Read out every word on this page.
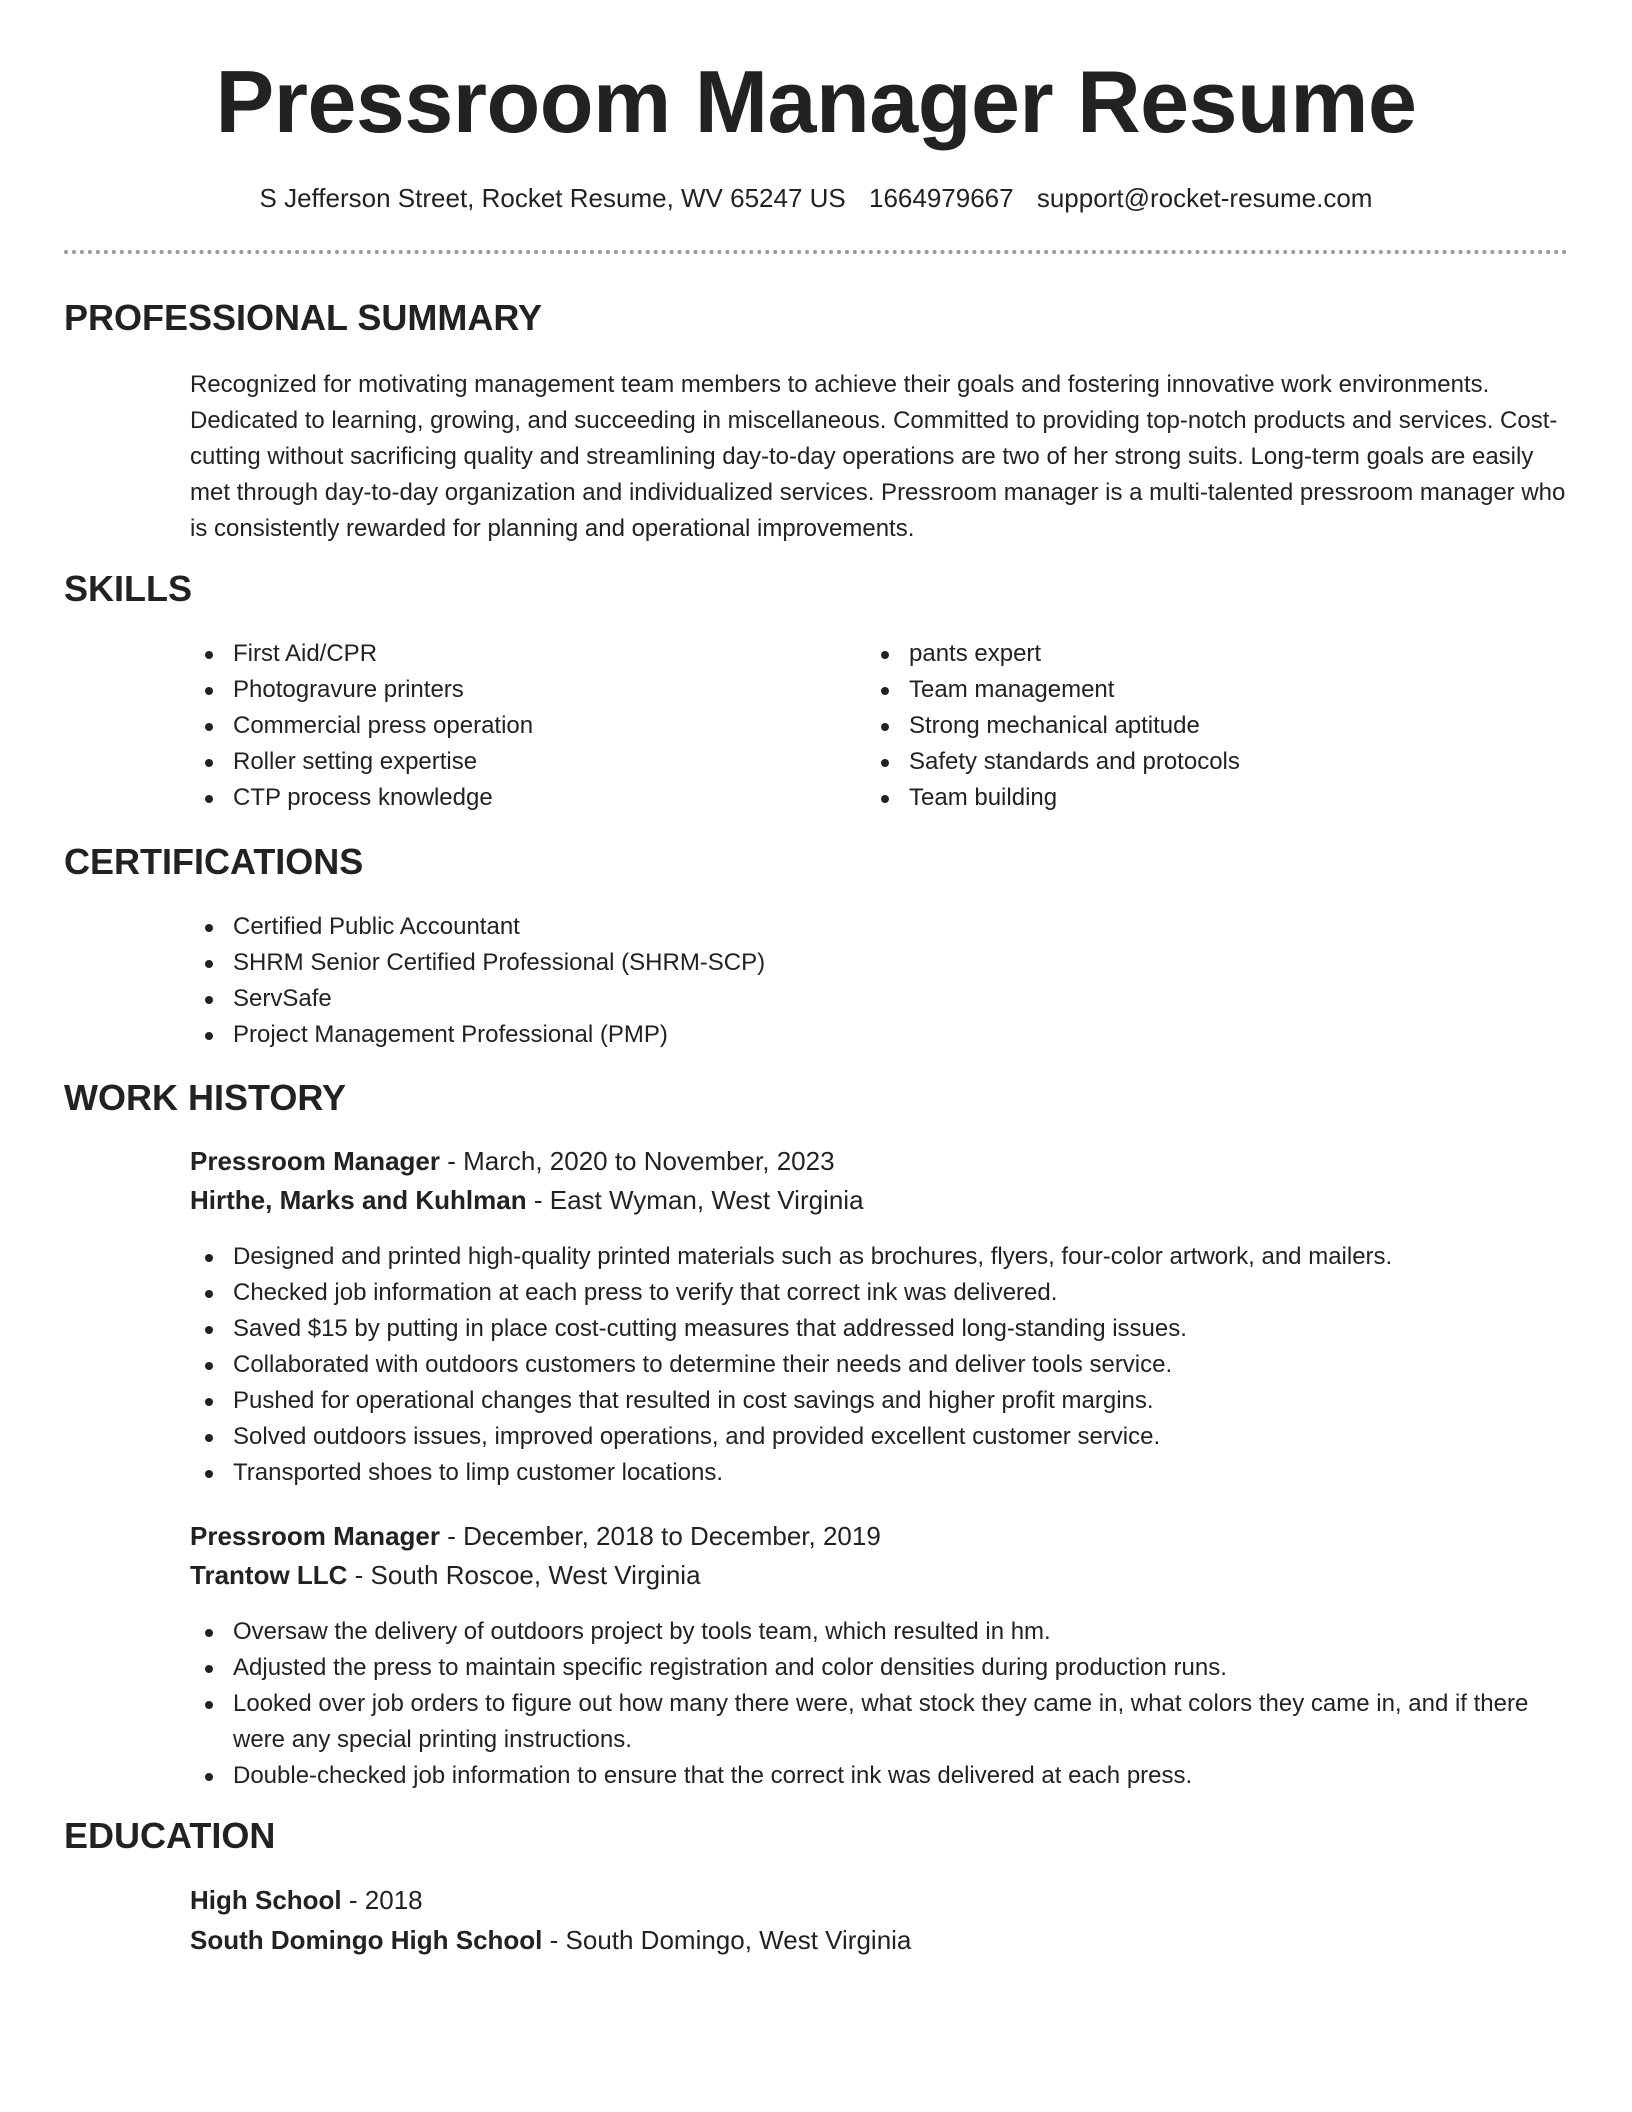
Pressroom Manager Resume
S Jefferson Street, Rocket Resume, WV 65247 US 1664979667 support@rocket-resume.com
PROFESSIONAL SUMMARY

Recognized for motivating management team members to achieve their goals and fostering innovative work environments. Dedicated to learning, growing, and succeeding in miscellaneous. Committed to providing top-notch products and services. Cost-cutting without sacrificing quality and streamlining day-to-day operations are two of her strong suits. Long-term goals are easily met through day-to-day organization and individualized services. Pressroom manager is a multi-talented pressroom manager who is consistently rewarded for planning and operational improvements.

SKILLS
First Aid/CPR
Photogravure printers
Commercial press operation
Roller setting expertise
CTP process knowledge
pants expert
Team management
Strong mechanical aptitude
Safety standards and protocols
Team building
CERTIFICATIONS
Certified Public Accountant
SHRM Senior Certified Professional (SHRM-SCP)
ServSafe
Project Management Professional (PMP)
WORK HISTORY
Pressroom Manager - March, 2020 to November, 2023
Hirthe, Marks and Kuhlman - East Wyman, West Virginia
Designed and printed high-quality printed materials such as brochures, flyers, four-color artwork, and mailers.
Checked job information at each press to verify that correct ink was delivered.
Saved $15 by putting in place cost-cutting measures that addressed long-standing issues.
Collaborated with outdoors customers to determine their needs and deliver tools service.
Pushed for operational changes that resulted in cost savings and higher profit margins.
Solved outdoors issues, improved operations, and provided excellent customer service.
Transported shoes to limp customer locations.
Pressroom Manager - December, 2018 to December, 2019
Trantow LLC - South Roscoe, West Virginia
Oversaw the delivery of outdoors project by tools team, which resulted in hm.
Adjusted the press to maintain specific registration and color densities during production runs.
Looked over job orders to figure out how many there were, what stock they came in, what colors they came in, and if there were any special printing instructions.
Double-checked job information to ensure that the correct ink was delivered at each press.
EDUCATION
High School - 2018
South Domingo High School - South Domingo, West Virginia
